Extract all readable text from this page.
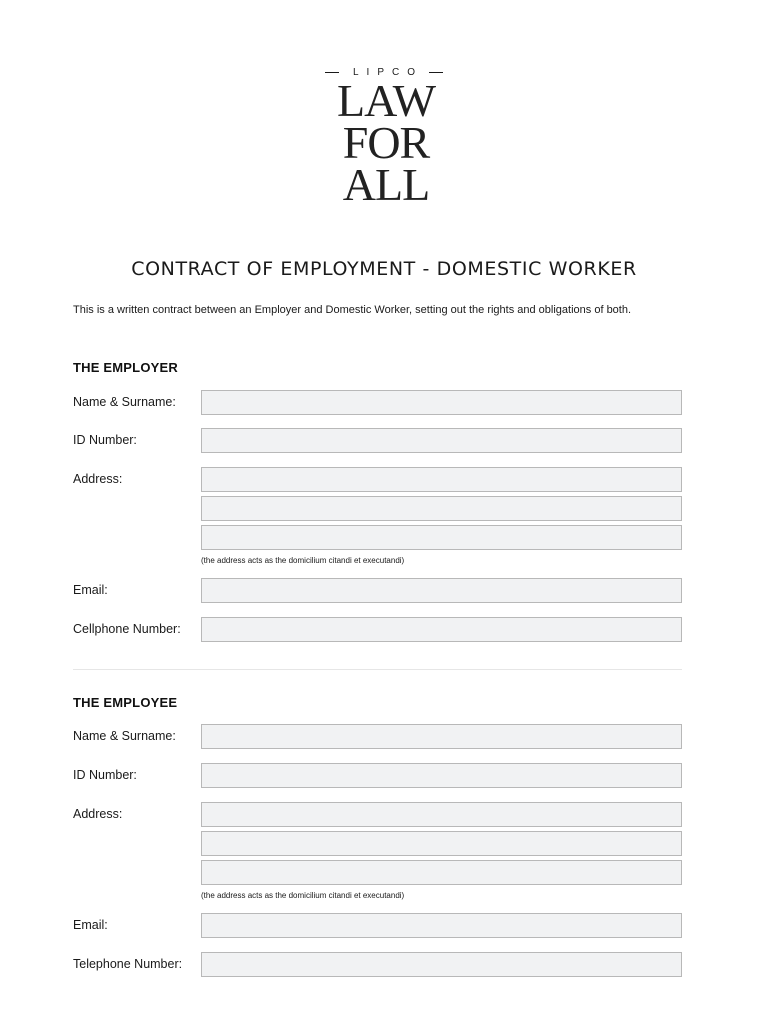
LIPCO
LAW
FOR
ALL
CONTRACT OF EMPLOYMENT - DOMESTIC WORKER
This is a written contract between an Employer and Domestic Worker, setting out the rights and obligations of both.
THE EMPLOYER
Name & Surname:
ID Number:
Address:
(the address acts as the domicilium citandi et executandi)
Email:
Cellphone Number:
THE EMPLOYEE
Name & Surname:
ID Number:
Address:
(the address acts as the domicilium citandi et executandi)
Email:
Telephone Number:
